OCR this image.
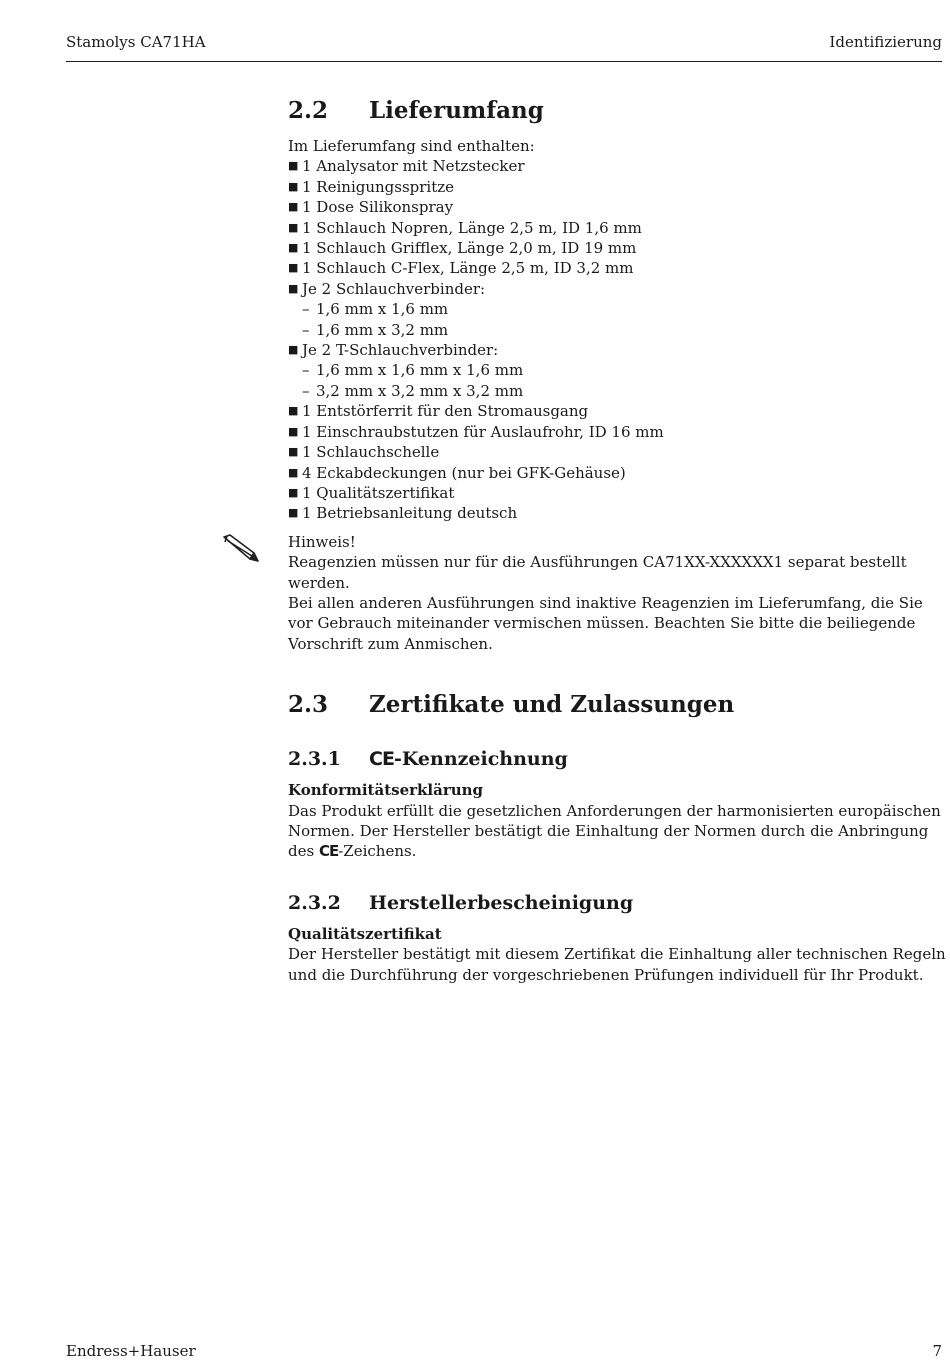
Stamolys CA71HA	Identifizierung
2.2	Lieferumfang

Im Lieferumfang sind enthalten:

■ 1 Analysator mit Netzstecker
■ 1 Reinigungsspritze
■ 1 Dose Silikonspray
■ 1 Schlauch Nopren, Länge 2,5 m, ID 1,6 mm
■ 1 Schlauch Grifflex, Länge 2,0 m, ID 19 mm
■ 1 Schlauch C-Flex, Länge 2,5 m, ID 3,2 mm
■ Je 2 Schlauchverbinder:
– 1,6 mm x 1,6 mm
– 1,6 mm x 3,2 mm
■ Je 2 T-Schlauchverbinder:
– 1,6 mm x 1,6 mm x 1,6 mm
– 3,2 mm x 3,2 mm x 3,2 mm
■ 1 Entstörferrit für den Stromausgang
■ 1 Einschraubstutzen für Auslaufrohr, ID 16 mm
■ 1 Schlauchschelle
■ 4 Eckabdeckungen (nur bei GFK-Gehäuse)
■ 1 Qualitätszertifikat
■ 1 Betriebsanleitung deutsch

Hinweis!

Reagenzien müssen nur für die Ausführungen CA71XX-XXXXXX1 separat bestellt werden.

Bei allen anderen Ausführungen sind inaktive Reagenzien im Lieferumfang, die Sie vor Gebrauch miteinander vermischen müssen. Beachten Sie bitte die beiliegende Vorschrift zum Anmischen.

2.3	Zertifikate und Zulassungen
2.3.1	CE -Kennzeichnung

Konformitätserklärung

Das Produkt erfüllt die gesetzlichen Anforderungen der harmonisierten europäischen Normen. Der Hersteller bestätigt die Einhaltung der Normen durch die Anbringung des CE-Zeichens.

2.3.2	Herstellerbescheinigung

Qualitätszertifikat

Der Hersteller bestätigt mit diesem Zertifikat die Einhaltung aller technischen Regeln und die Durchführung der vorgeschriebenen Prüfungen individuell für Ihr Produkt.

Endress+Hauser	7
